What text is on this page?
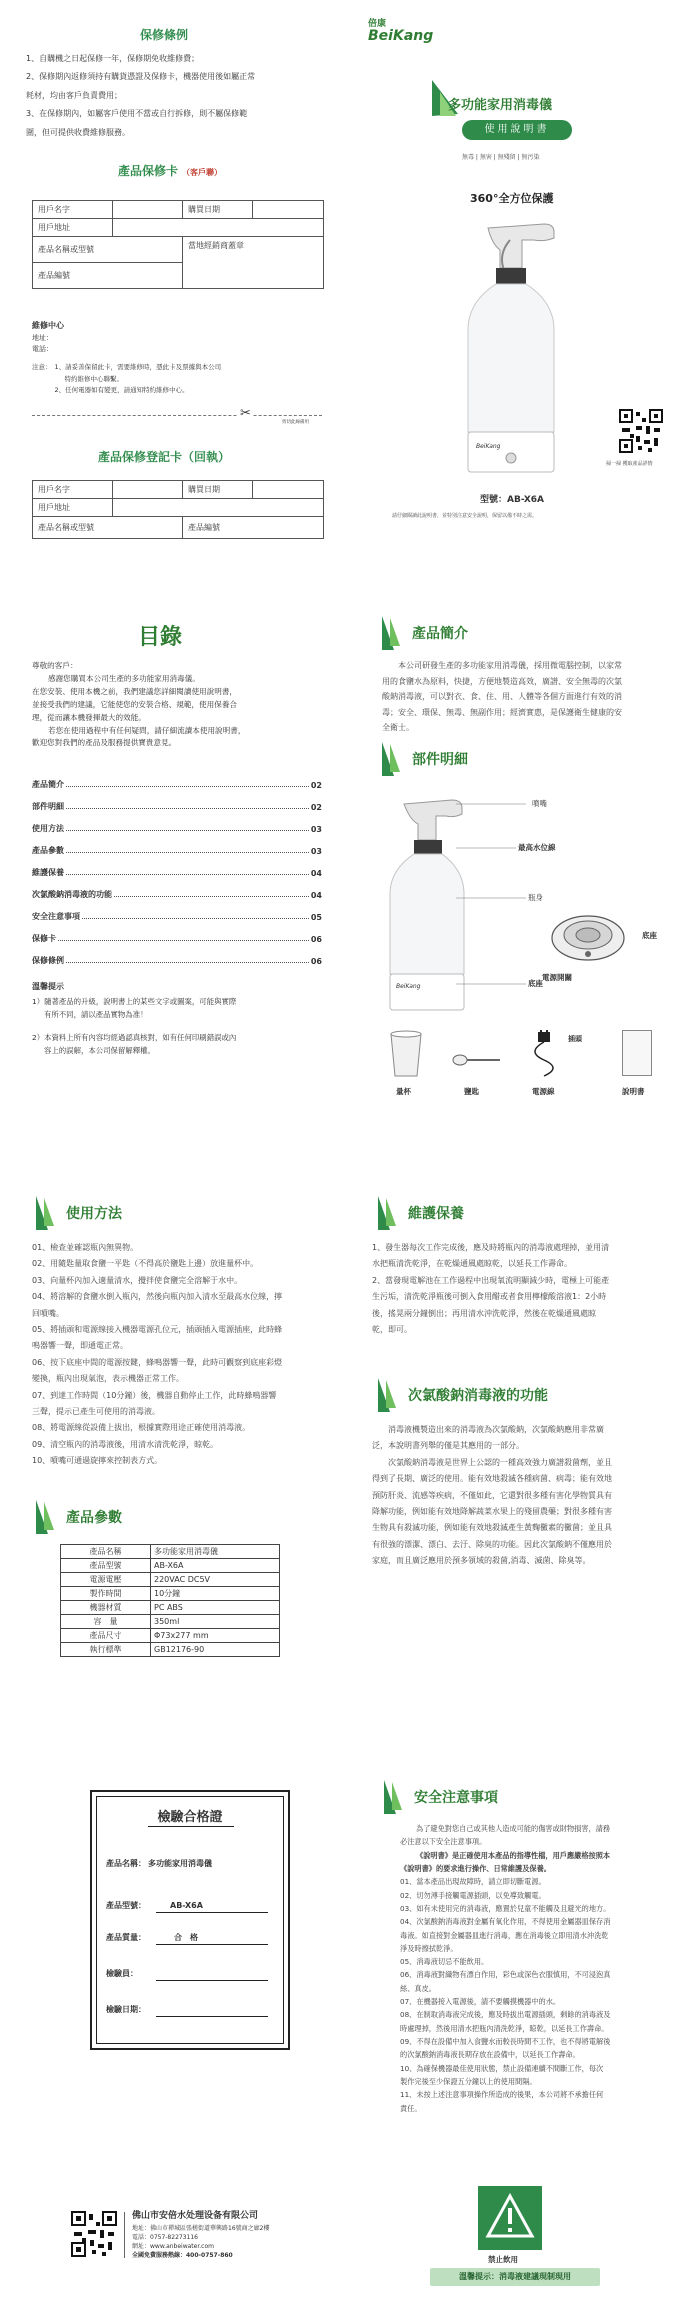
保修條例
1、自購機之日起保修一年，保修期免收維修費；
2、保修期內返修須持有購貨憑證及保修卡，機器使用後如屬正常
耗材，均由客戶負責費用；
3、在保修期內，如屬客戶使用不當或自行拆修，則不屬保修範
圍，但可提供收費維修服務。
產品保修卡 （客戶聯）
用戶名字		購買日期	
用戶地址			
產品名稱或型號		當地經銷商蓋章	
產品編號			
維修中心
地址：
電話：
注意： 1、請妥善保留此卡，需要維修時，憑此卡及票據與本公司
特約維修中心聯繫。
2、任何電器如有變更，請通知特約維修中心。
✂
剪切此線備用
產品保修登記卡（回執）
用戶名字		購買日期	
用戶地址			
產品名稱或型號		產品編號	
倍康
BeiKang
多功能家用消毒儀
使用說明書
無毒 | 無害 | 無殘留 | 無污染
360°全方位保護
BeiKang
掃一掃 獲取產品詳情
型號：AB-X6A
請仔細閱讀此說明書，並特別注意安全說明，保留以備不時之需。
目錄
尊敬的客戶：
感謝您購買本公司生產的多功能家用消毒儀。
在您安裝、使用本機之前，我們建議您詳細閱讀使用說明書，
並接受我們的建議，它能使您的安裝合格、規範，使用保養合
理，從而讓本機發揮最大的效能。
若您在使用過程中有任何疑問，請仔細流讀本使用說明書，
歡迎您對我們的產品及服務提供寶貴意見。
產品簡介	02
部件明細	02
使用方法	03
產品參數	03
維護保養	04
次氯酸鈉消毒液的功能	04
安全注意事項	05
保修卡	06
保修條例	06
溫馨提示
1）隨著產品的升級，說明書上的某些文字或圖案，可能與實際
有所不同，請以產品實物為准！
2）本資料上所有內容均經過認真核對，如有任何印刷錯誤或內
容上的誤解，本公司保留解釋權。
產品簡介
本公司研發生產的多功能家用消毒儀，採用微電腦控制，以家常
用的食鹽水為原料，快捷，方便地製造高效，廣譜、安全無毒的次氯
酸鈉消毒液，可以對衣、食、住、用、人體等各個方面進行有效的消
毒；安全、環保、無毒、無副作用；經濟實惠，是保護衛生健康的安
全衛士。
部件明細
BeiKang
噴嘴
最高水位線
瓶身
底座
電源開關
底座
插頭
量杯	鹽匙	電源線	說明書
使用方法
01、檢查並確認瓶內無異物。
02、用隨匙量取食鹽一平匙（不得高於鹽匙上邊）放進量杯中。
03、向量杯內加入適量清水，攪拌使食鹽完全溶解于水中。
04、將溶解的食鹽水倒入瓶內，然後向瓶內加入清水至最高水位線，擰
回噴嘴。
05、將插頭和電源線接入機器電源孔位元，插頭插入電源插座，此時蜂
鳴器響一聲，即通電正常。
06、按下底座中間的電源按鍵，蜂鳴器響一聲，此時可觀察到底座彩燈
變換，瓶內出現氣泡，表示機器正常工作。
07、到達工作時間（10分鐘）後，機器自動停止工作，此時蜂鳴器響
三聲，提示已產生可使用的消毒液。
08、將電源線從設備上拔出，根據實際用途正確使用消毒液。
09、清空瓶內的消毒液後，用清水清洗乾淨，晾乾。
10、噴嘴可通過旋擰來控制表方式。
產品參數
產品名稱	多功能家用消毒儀
產品型號	AB-X6A
電源電壓	220VAC DC5V
製作時間	10分鐘
機器材質	PC ABS
容　量	350ml
產品尺寸	Φ73x277 mm
執行標準	GB12176-90
維護保養
1、發生器每次工作完成後，應及時將瓶內的消毒液處理掉，並用清
水把瓶清洗乾淨，在乾燥通風處晾乾，以延長工作壽命。
2、當發現電解池在工作過程中出現氧流明顯減少時，電極上可能產
生污垢，清洗乾淨瓶後可倒入食用醋或者食用檸檬酸溶液1：2小時
後，搖晃兩分鐘倒出；再用清水沖洗乾淨，然後在乾燥通風處晾
乾，即可。
次氯酸鈉消毒液的功能
消毒液機製造出來的消毒液為次氯酸鈉，次氯酸鈉應用非常廣
泛，本說明書列舉的僅是其應用的一部分。
次氯酸鈉消毒液是世界上公認的一種高效強力廣譜殺菌劑，並且
得到了長期、廣泛的使用。能有效地殺滅各種病菌、病毒；能有效地
預防肝炎、流感等疾病，不僅如此，它還對很多種有害化學物質具有
降解功能，例如能有效地降解蔬菜水果上的殘留農藥；對很多種有害
生物具有殺滅功能，例如能有效地殺滅產生黃麴黴素的黴菌；並且具
有很強的漂潔、漂白、去汙、除臭的功能。因此次氯酸鈉不僅應用於
家庭，而且廣泛應用於預多領域的殺菌,消毒、滅菌、除臭等。
檢驗合格證
產品名稱： 多功能家用消毒儀
產品型號：	AB-X6A
產品質量：	合　格
檢驗員：
檢驗日期：
佛山市安倍水处理设备有限公司
地址：佛山市禪城區張槎街道華興路16號商之廊2樓
電話：0757-82273116
網址：www.anbeiwater.com
全國免費服務熱線：400-0757-860
安全注意事項
為了避免對您自己或其他人造成可能的傷害或財物損害，請務
必注意以下安全注意事項。
《說明書》是正確使用本產品的指導性檔，用戶應嚴格按照本
《說明書》的要求進行操作、日常維護及保養。
01、當本產品出現故障時，請立即切斷電源。
02、切勿溥手接觸電源插頭，以免導致觸電。
03、如有未使用完的消毒液，應置於兒童不能觸及且避光的地方。
04、次氯酸鈉消毒液對金屬有氧化作用，不得使用金屬器皿保存消
毒液。如直接對金屬器皿進行消毒，應在消毒後立即用清水沖洗乾
淨及時擦拭乾淨。
05、消毒液切忌不能飲用。
06、消毒液對織物有漂白作用，彩色或深色衣服慎用，不可浸泡真
絲、真皮。
07、在機器接入電源後，請不要觸摸機器中的水。
08、在制取消毒液完成後，應及時拔出電源插頭，剩餘的消毒液及
時處理掉，然後用清水把瓶內清洗乾淨，晾乾，以延長工作壽命。
09、不得在設備中加入食鹽水而較長時間不工作，也不得將電解後
的次氯酸鈉消毒液長期存放在設備中，以延長工作壽命。
10、為確保機器最佳使用狀態，禁止設備連續不間斷工作，每次
製作完後至少保證五分鐘以上的使用間隔。
11、未按上述注意事項操作所造成的後果，本公司將不承擔任何
責任。
禁止飲用
溫馨提示：消毒液建議現制現用
